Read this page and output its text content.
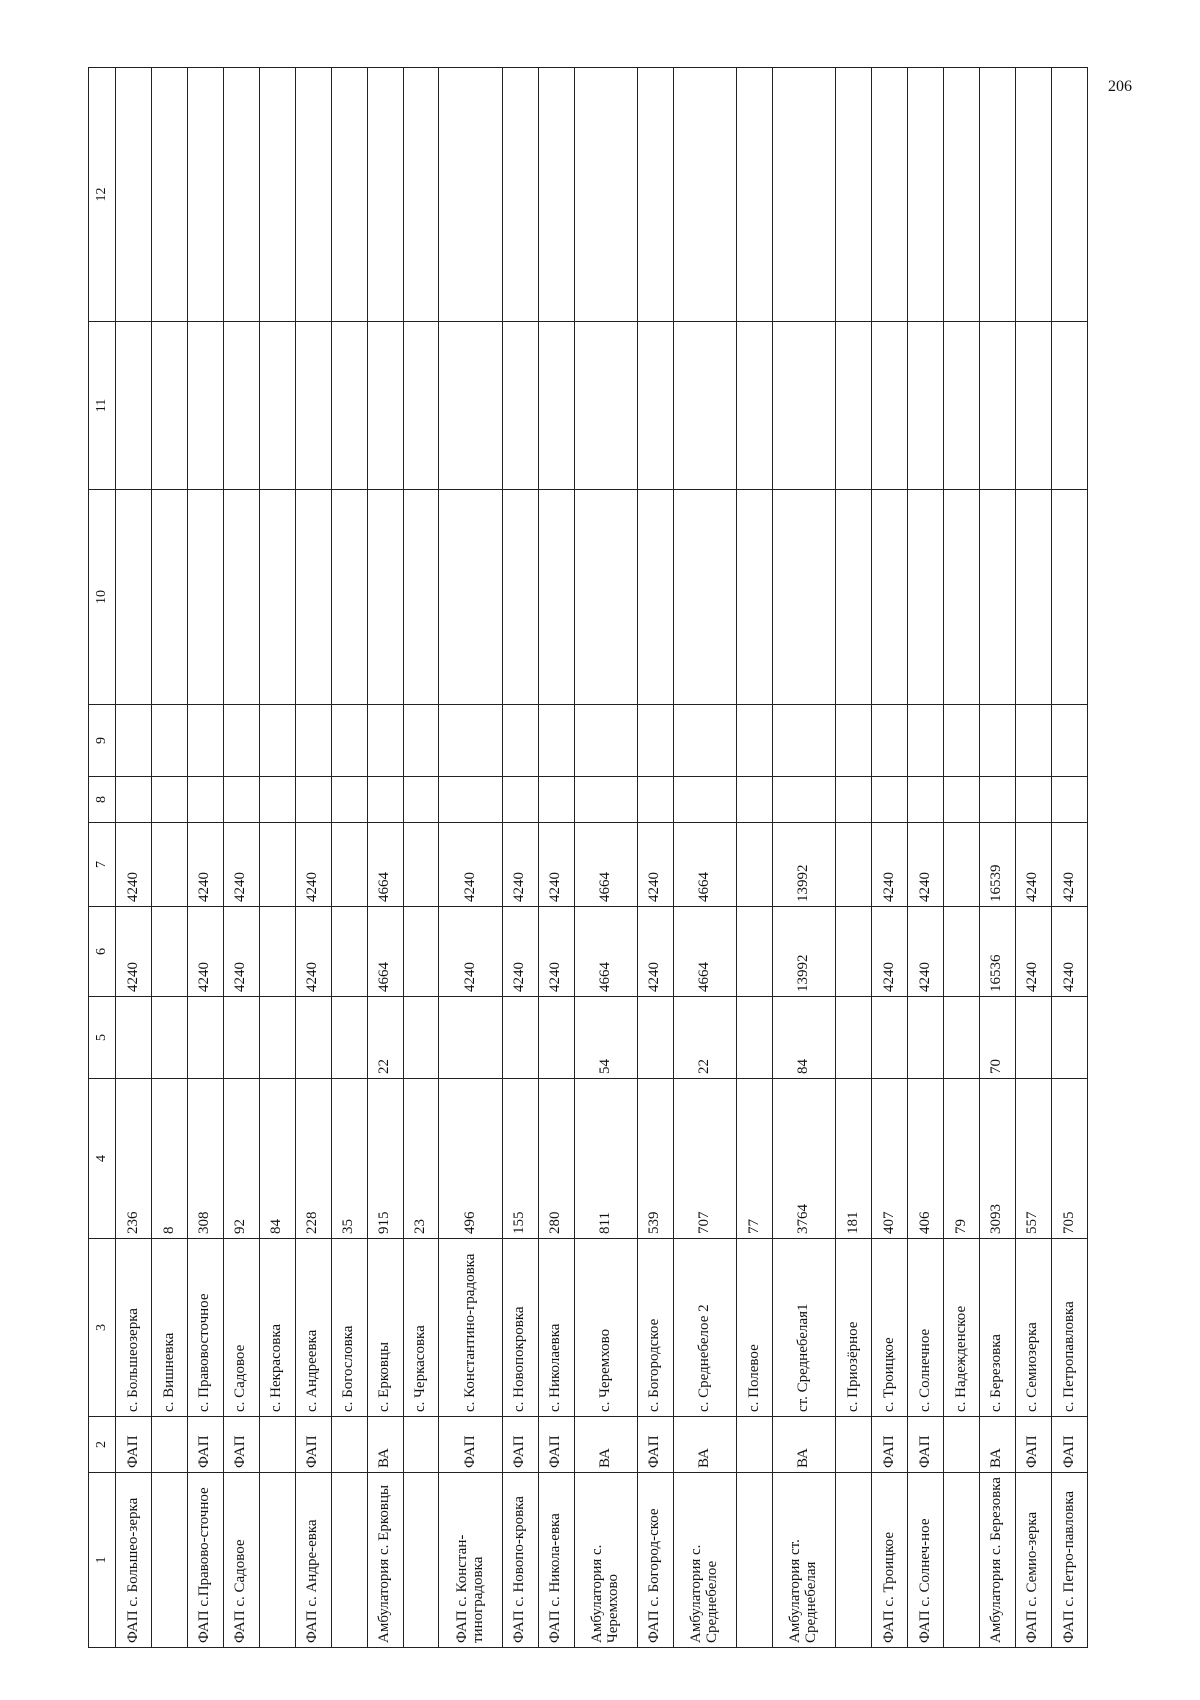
206
1	2	3	4	5	6	7	8	9	10	11	12
ФАП с. Большео-зерка	ФАП	с. Большеозерка	236		4240	4240					
		с. Вишневка	8								
ФАП с.Правово-сточное	ФАП	с. Правовосточное	308		4240	4240					
ФАП с. Садовое	ФАП	с. Садовое	92		4240	4240					
		с. Некрасовка	84								
ФАП с. Андре-евка	ФАП	с. Андреевка	228		4240	4240					
		с. Богословка	35								
Амбулатория с. Ерковцы	ВА	с. Ерковцы	915	22	4664	4664					
		с. Черкасовка	23								
ФАП с. Констан-тиноградовка	ФАП	с. Константино-градовка	496		4240	4240					
ФАП с. Новопо-кровка	ФАП	с. Новопокровка	155		4240	4240					
ФАП с. Никола-евка	ФАП	с. Николаевка	280		4240	4240					
Амбулатория с. Черемхово	ВА	с. Черемхово	811	54	4664	4664					
ФАП с. Богород-ское	ФАП	с. Богородское	539		4240	4240					
Амбулатория с. Среднебелое	ВА	с. Среднебелое 2	707	22	4664	4664					
		с. Полевое	77								
Амбулатория ст. Среднебелая	ВА	ст. Среднебелая1	3764	84	13992	13992					
		с. Приозёрное	181								
ФАП с. Троицкое	ФАП	с. Троицкое	407		4240	4240					
ФАП с. Солнеч-ное	ФАП	с. Солнечное	406		4240	4240					
		с. Надежденское	79								
Амбулатория с. Березовка	ВА	с. Березовка	3093	70	16536	16539					
ФАП с. Семио-зерка	ФАП	с. Семиозерка	557		4240	4240					
ФАП с. Петро-павловка	ФАП	с. Петропавловка	705		4240	4240					
